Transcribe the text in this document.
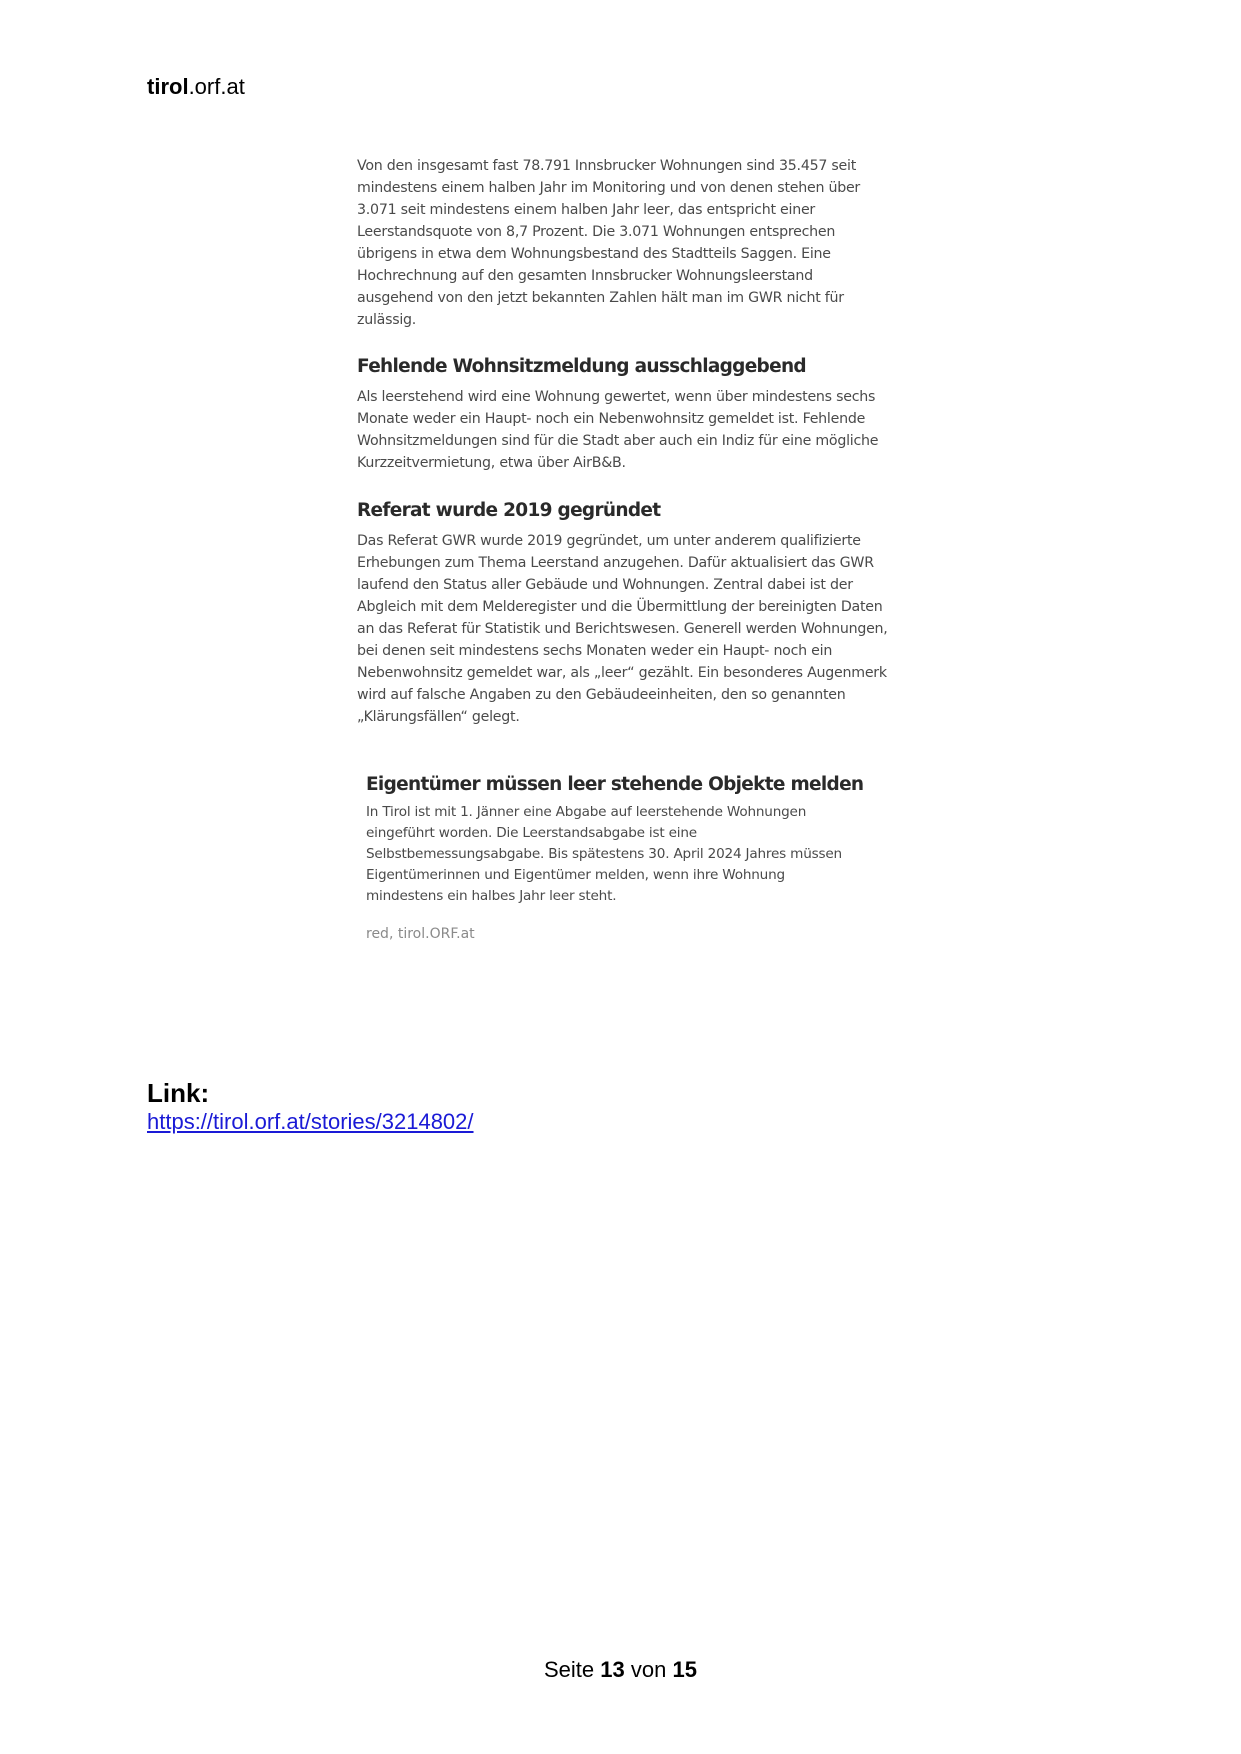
tirol.orf.at

Von den insgesamt fast 78.791 Innsbrucker Wohnungen sind 35.457 seit mindestens einem halben Jahr im Monitoring und von denen stehen über 3.071 seit mindestens einem halben Jahr leer, das entspricht einer Leerstandsquote von 8,7 Prozent. Die 3.071 Wohnungen entsprechen übrigens in etwa dem Wohnungsbestand des Stadtteils Saggen. Eine Hochrechnung auf den gesamten Innsbrucker Wohnungsleerstand ausgehend von den jetzt bekannten Zahlen hält man im GWR nicht für zulässig.

Fehlende Wohnsitzmeldung ausschlaggebend

Als leerstehend wird eine Wohnung gewertet, wenn über mindestens sechs Monate weder ein Haupt- noch ein Nebenwohnsitz gemeldet ist. Fehlende Wohnsitzmeldungen sind für die Stadt aber auch ein Indiz für eine mögliche Kurzzeitvermietung, etwa über AirB&B.

Referat wurde 2019 gegründet

Das Referat GWR wurde 2019 gegründet, um unter anderem qualifizierte Erhebungen zum Thema Leerstand anzugehen. Dafür aktualisiert das GWR laufend den Status aller Gebäude und Wohnungen. Zentral dabei ist der Abgleich mit dem Melderegister und die Übermittlung der bereinigten Daten an das Referat für Statistik und Berichtswesen. Generell werden Wohnungen, bei denen seit mindestens sechs Monaten weder ein Haupt- noch ein Nebenwohnsitz gemeldet war, als „leer“ gezählt. Ein besonderes Augenmerk wird auf falsche Angaben zu den Gebäudeeinheiten, den so genannten „Klärungsfällen“ gelegt.

Eigentümer müssen leer stehende Objekte melden

In Tirol ist mit 1. Jänner eine Abgabe auf leerstehende Wohnungen eingeführt worden. Die Leerstandsabgabe ist eine Selbstbemessungsabgabe. Bis spätestens 30. April 2024 Jahres müssen Eigentümerinnen und Eigentümer melden, wenn ihre Wohnung mindestens ein halbes Jahr leer steht.

red, tirol.ORF.at
Link:
https://tirol.orf.at/stories/3214802/
Seite 13 von 15
